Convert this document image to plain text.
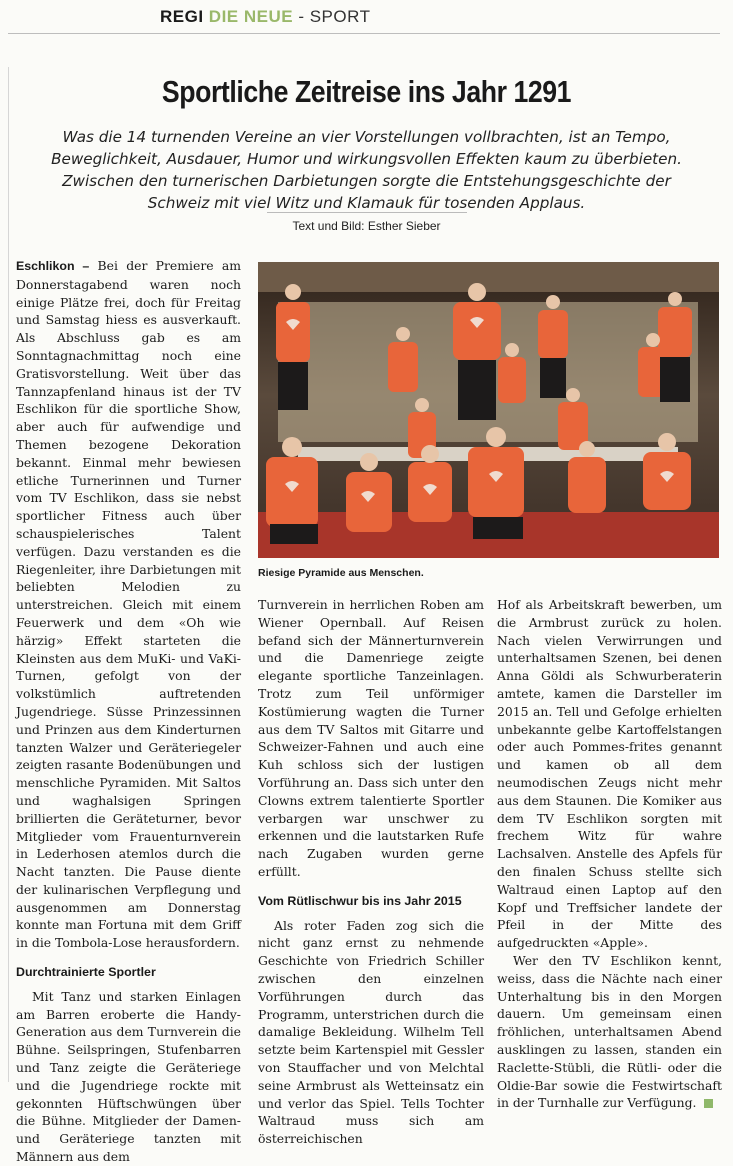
REGI DIE NEUE - SPORT
Sportliche Zeitreise ins Jahr 1291
Was die 14 turnenden Vereine an vier Vorstellungen vollbrachten, ist an Tempo, Beweglichkeit, Ausdauer, Humor und wirkungsvollen Effekten kaum zu überbieten. Zwischen den turnerischen Darbietungen sorgte die Entstehungsgeschichte der Schweiz mit viel Witz und Klamauk für tosenden Applaus.
Text und Bild: Esther Sieber

Eschlikon – Bei der Premiere am Donnerstagabend waren noch einige Plätze frei, doch für Freitag und Samstag hiess es ausverkauft. Als Abschluss gab es am Sonntagnachmittag noch eine Gratisvorstellung. Weit über das Tannzapfenland hinaus ist der TV Eschlikon für die sportliche Show, aber auch für aufwendige und Themen bezogene Dekoration bekannt. Einmal mehr bewiesen etliche Turnerinnen und Turner vom TV Eschlikon, dass sie nebst sportlicher Fitness auch über schauspielerisches Talent verfügen. Dazu verstanden es die Riegenleiter, ihre Darbietungen mit beliebten Melodien zu unterstreichen. Gleich mit einem Feuerwerk und dem «Oh wie härzig» Effekt starteten die Kleinsten aus dem MuKi- und VaKi-Turnen, gefolgt von der volkstümlich auftretenden Jugendriege. Süsse Prinzessinnen und Prinzen aus dem Kinderturnen tanzten Walzer und Geräteriegeler zeigten rasante Bodenübungen und menschliche Pyramiden. Mit Saltos und waghalsigen Springen brillierten die Geräteturner, bevor Mitglieder vom Frauenturnverein in Lederhosen atemlos durch die Nacht tanzten. Die Pause diente der kulinarischen Verpflegung und ausgenommen am Donnerstag konnte man Fortuna mit dem Griff in die Tombola-Lose herausfordern.

Durchtrainierte Sportler

Mit Tanz und starken Einlagen am Barren eroberte die Handy-Generation aus dem Turnverein die Bühne. Seilspringen, Stufenbarren und Tanz zeigte die Geräteriege und die Jugendriege rockte mit gekonnten Hüftschwüngen über die Bühne. Mitglieder der Damen- und Geräteriege tanzten mit Männern aus dem

Riesige Pyramide aus Menschen.

Turnverein in herrlichen Roben am Wiener Opernball. Auf Reisen befand sich der Männerturnverein und die Damenriege zeigte elegante sportliche Tanzeinlagen. Trotz zum Teil unförmiger Kostümierung wagten die Turner aus dem TV Saltos mit Gitarre und Schweizer-Fahnen und auch eine Kuh schloss sich der lustigen Vorführung an. Dass sich unter den Clowns extrem talentierte Sportler verbargen war unschwer zu erkennen und die lautstarken Rufe nach Zugaben wurden gerne erfüllt.

Vom Rütlischwur bis ins Jahr 2015

Als roter Faden zog sich die nicht ganz ernst zu nehmende Geschichte von Friedrich Schiller zwischen den einzelnen Vorführungen durch das Programm, unterstrichen durch die damalige Bekleidung. Wilhelm Tell setzte beim Kartenspiel mit Gessler von Stauffacher und von Melchtal seine Armbrust als Wetteinsatz ein und verlor das Spiel. Tells Tochter Waltraud muss sich am österreichischen

Hof als Arbeitskraft bewerben, um die Armbrust zurück zu holen. Nach vielen Verwirrungen und unterhaltsamen Szenen, bei denen Anna Göldi als Schwurberaterin amtete, kamen die Darsteller im 2015 an. Tell und Gefolge erhielten unbekannte gelbe Kartoffelstangen oder auch Pommes-frites genannt und kamen ob all dem neumodischen Zeugs nicht mehr aus dem Staunen. Die Komiker aus dem TV Eschlikon sorgten mit frechem Witz für wahre Lachsalven. Anstelle des Apfels für den finalen Schuss stellte sich Waltraud einen Laptop auf den Kopf und Treffsicher landete der Pfeil in der Mitte des aufgedruckten «Apple».

Wer den TV Eschlikon kennt, weiss, dass die Nächte nach einer Unterhaltung bis in den Morgen dauern. Um gemeinsam einen fröhlichen, unterhaltsamen Abend ausklingen zu lassen, standen ein Raclette-Stübli, die Rütli- oder die Oldie-Bar sowie die Festwirtschaft in der Turnhalle zur Verfügung.
